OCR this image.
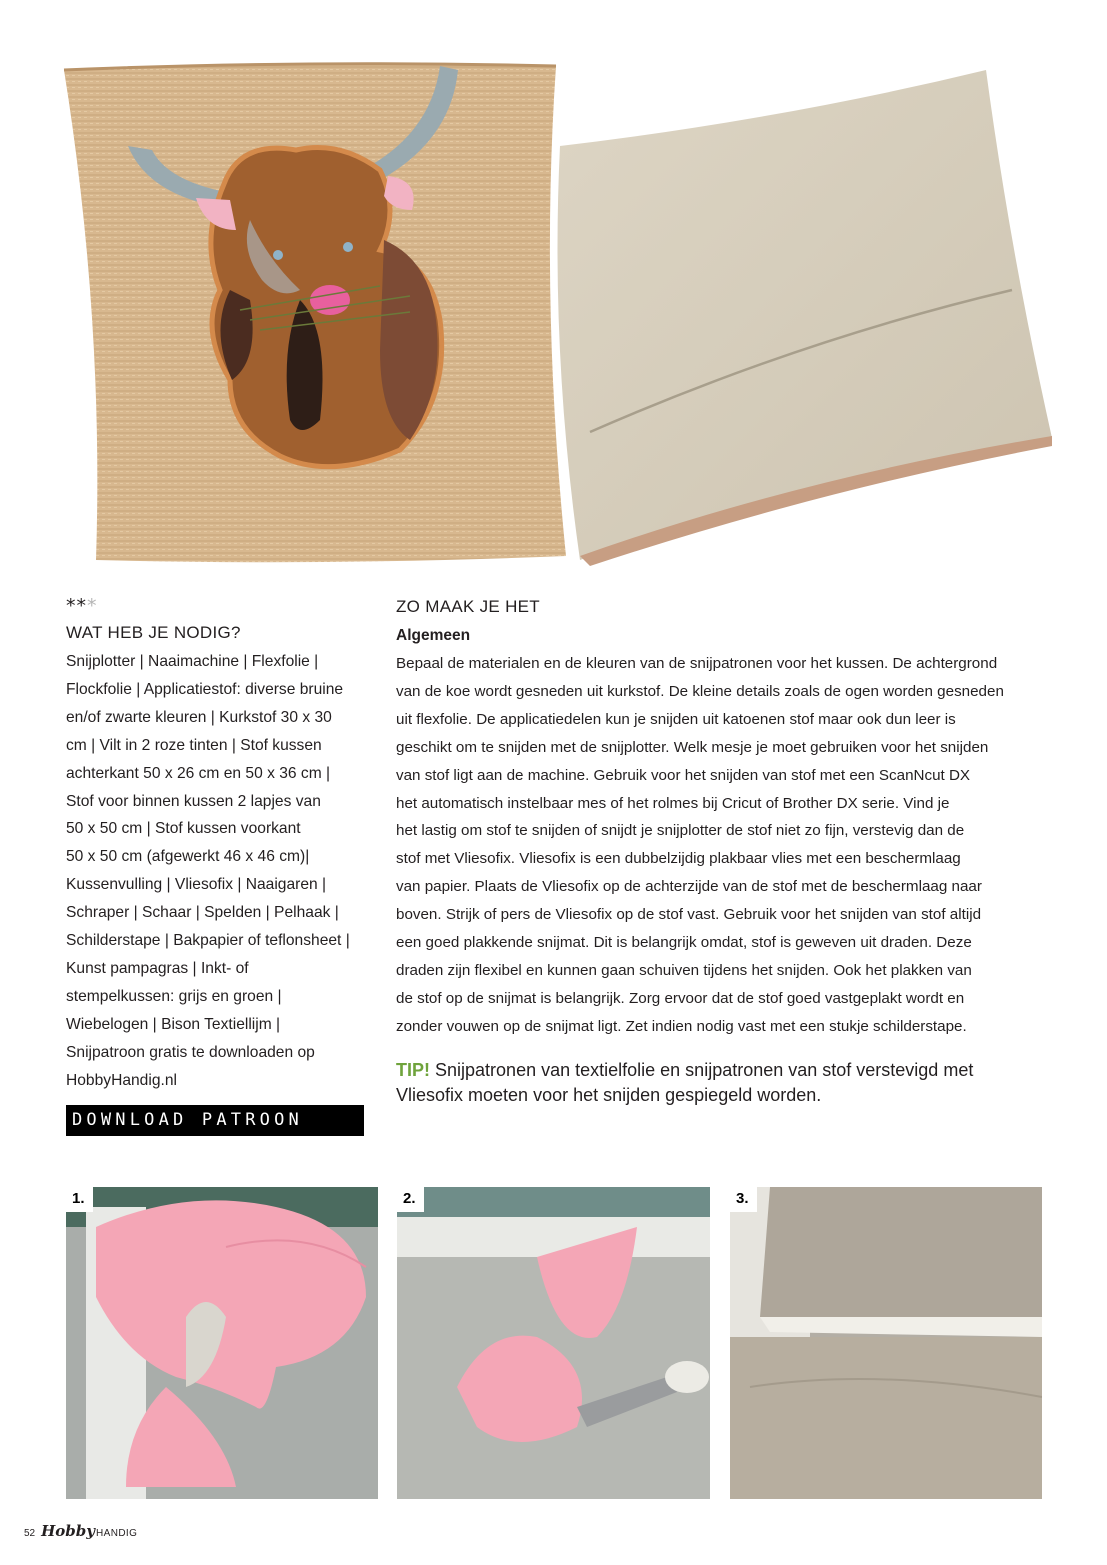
***
WAT HEB JE NODIG?
Snijplotter | Naaimachine | Flexfolie |
Flockfolie | Applicatiestof: diverse bruine
en/of zwarte kleuren | Kurkstof 30 x 30
cm | Vilt in 2 roze tinten | Stof kussen
achterkant 50 x 26 cm en 50 x 36 cm |
Stof voor binnen kussen 2 lapjes van
50 x 50 cm | Stof kussen voorkant
50 x 50 cm (afgewerkt 46 x 46 cm)|
Kussenvulling | Vliesofix | Naaigaren |
Schraper | Schaar | Spelden | Pelhaak |
Schilderstape | Bakpapier of teflonsheet |
Kunst pampagras | Inkt- of
stempelkussen: grijs en groen |
Wiebelogen | Bison Textiellijm |
Snijpatroon gratis te downloaden op
HobbyHandig.nl
DOWNLOAD PATROON
ZO MAAK JE HET
Algemeen
Bepaal de materialen en de kleuren van de snijpatronen voor het kussen. De achtergrond
van de koe wordt gesneden uit kurkstof. De kleine details zoals de ogen worden gesneden
uit flexfolie. De applicatiedelen kun je snijden uit katoenen stof maar ook dun leer is
geschikt om te snijden met de snijplotter. Welk mesje je moet gebruiken voor het snijden
van stof ligt aan de machine. Gebruik voor het snijden van stof met een ScanNcut DX
het automatisch instelbaar mes of het rolmes bij Cricut of Brother DX serie. Vind je
het lastig om stof te snijden of snijdt je snijplotter de stof niet zo fijn, verstevig dan de
stof met Vliesofix. Vliesofix is een dubbelzijdig plakbaar vlies met een beschermlaag
van papier. Plaats de Vliesofix op de achterzijde van de stof met de beschermlaag naar
boven. Strijk of pers de Vliesofix op de stof vast. Gebruik voor het snijden van stof altijd
een goed plakkende snijmat. Dit is belangrijk omdat, stof is geweven uit draden. Deze
draden zijn flexibel en kunnen gaan schuiven tijdens het snijden. Ook het plakken van
de stof op de snijmat is belangrijk. Zorg ervoor dat de stof goed vastgeplakt wordt en
zonder vouwen op de snijmat ligt. Zet indien nodig vast met een stukje schilderstape.
TIP! Snijpatronen van textielfolie en snijpatronen van stof verstevigd met
Vliesofix moeten voor het snijden gespiegeld worden.
1.	2.	3.
52 Hobby HANDIG
